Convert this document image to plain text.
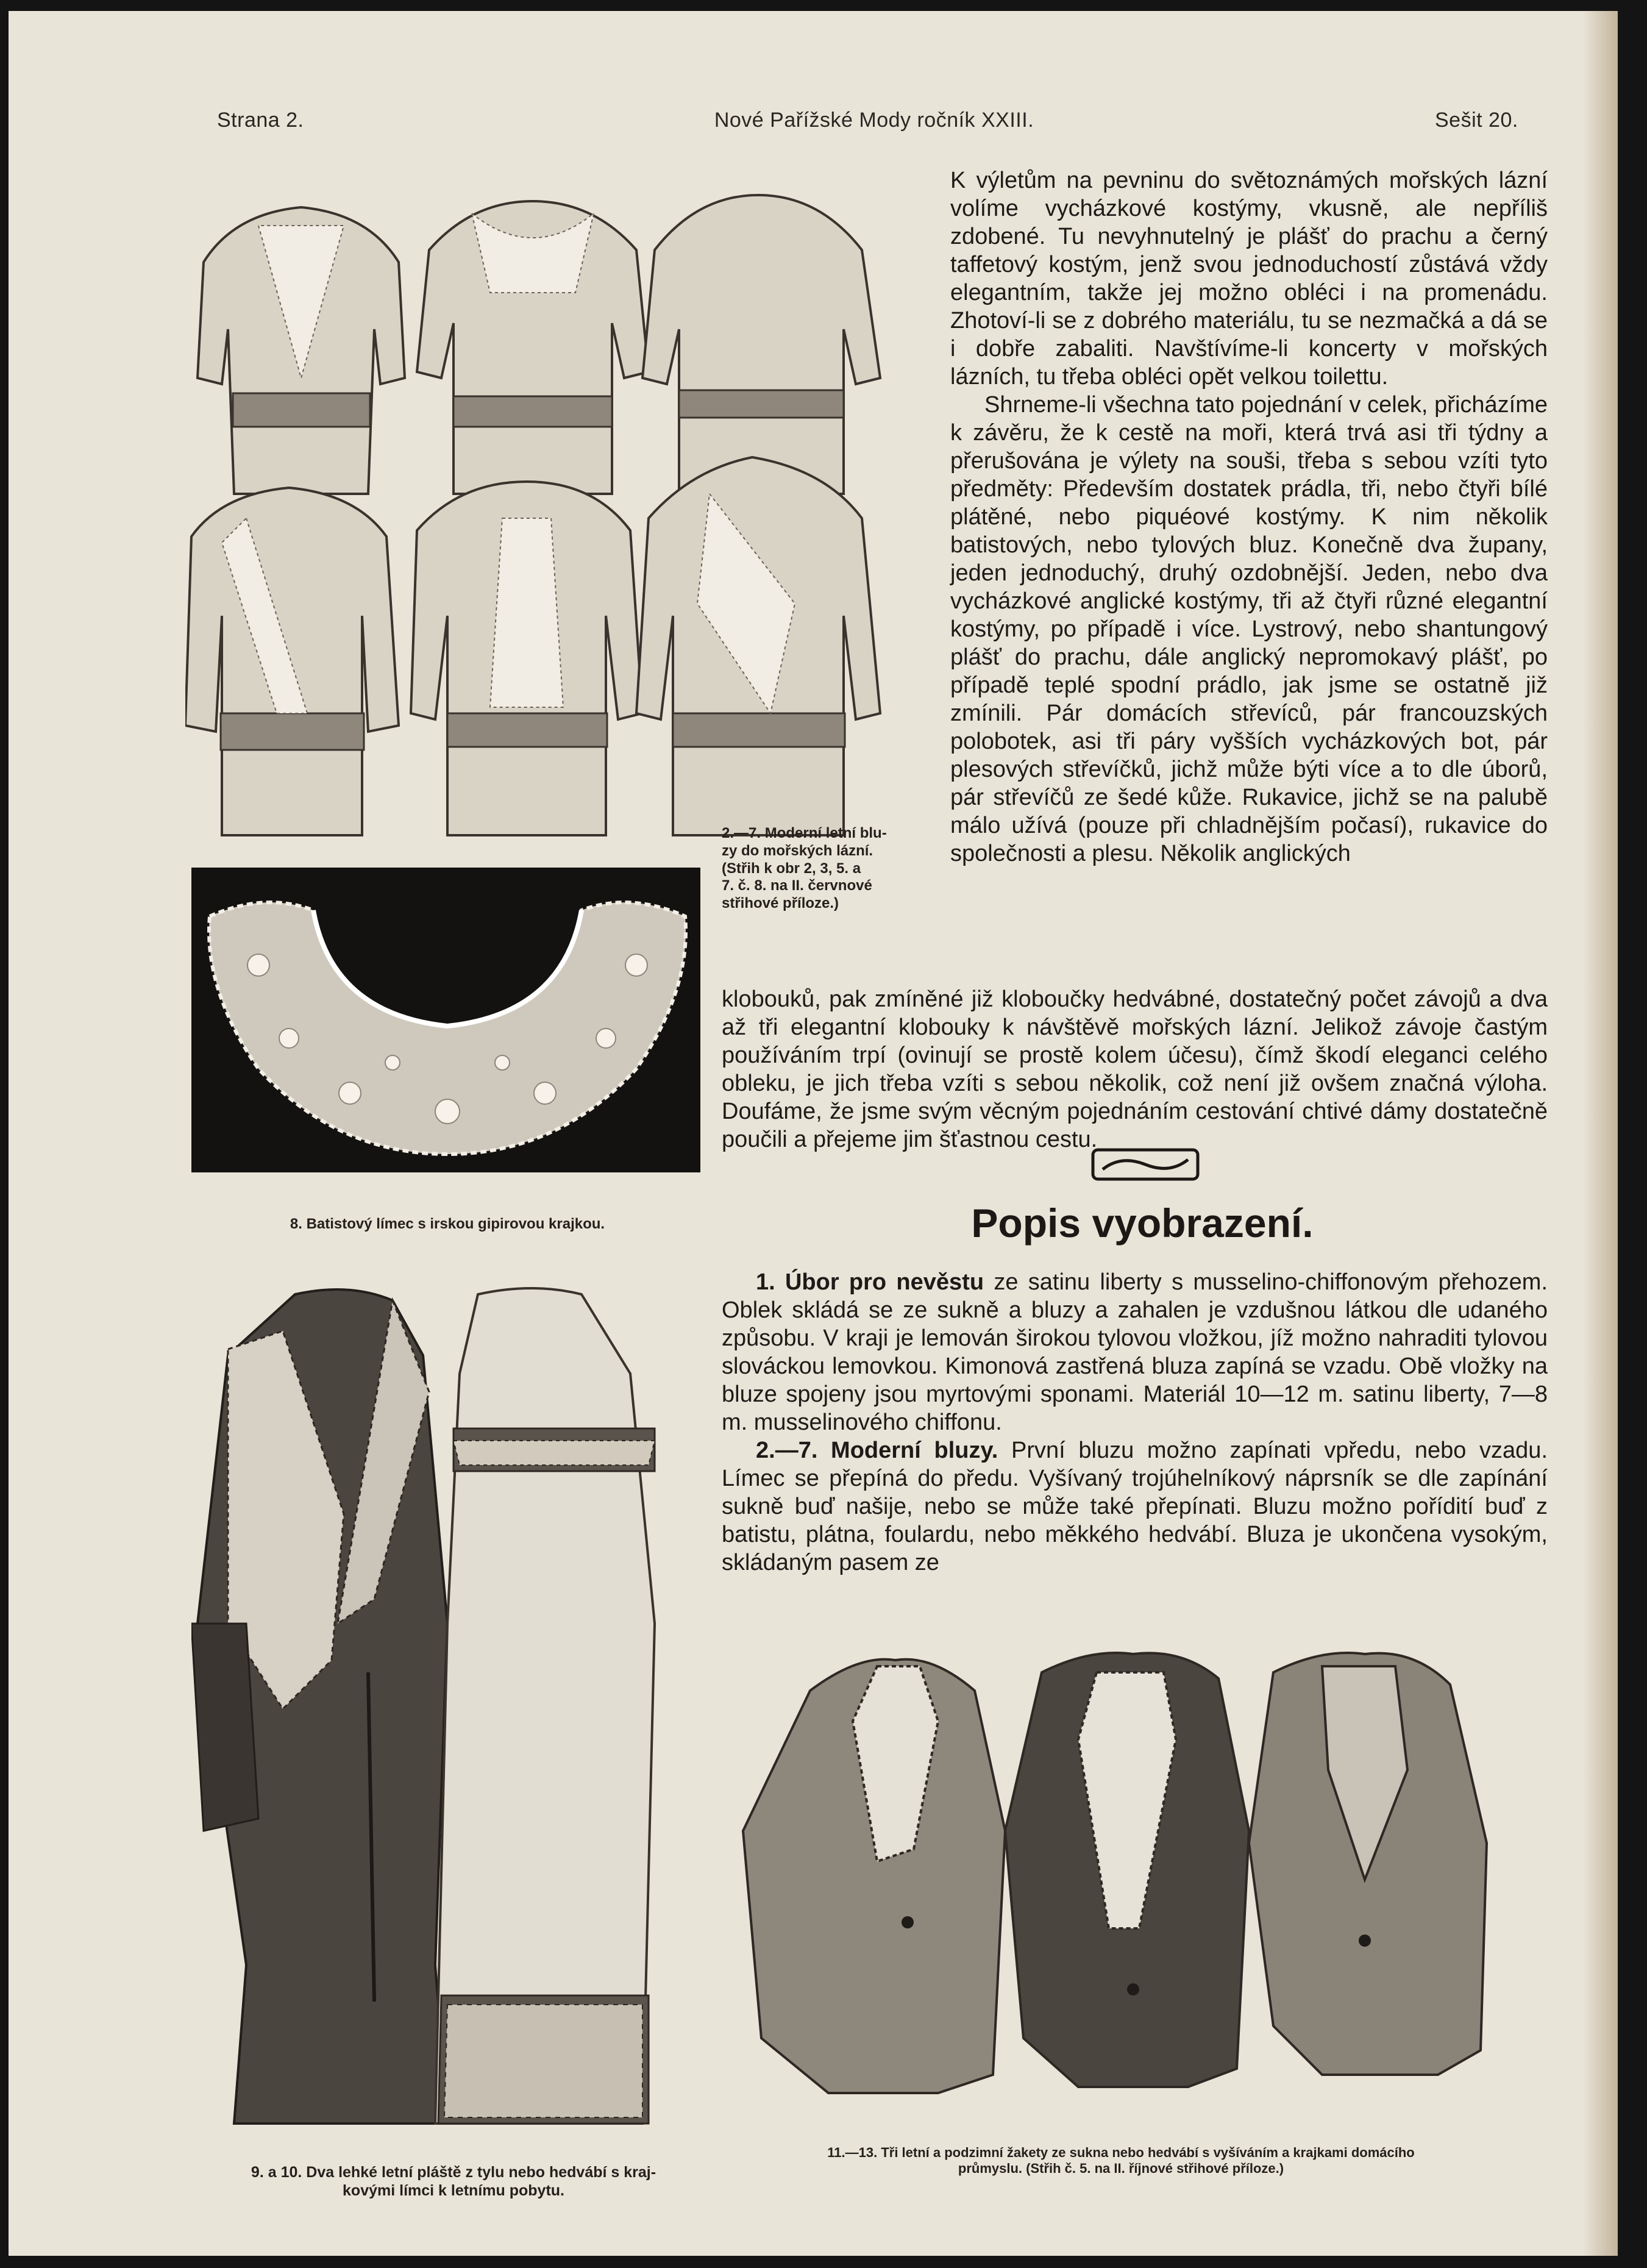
Strana 2.	Nové Pařížské Mody ročník XXIII.	Sešit 20.
2.—7. Moderní letní blu-
zy do mořských lázní.
(Střih k obr 2, 3, 5. a
7. č. 8. na II. červnové
střihové příloze.)
8. Batistový límec s irskou gipirovou krajkou.
9. a 10. Dva lehké letní pláště z tylu nebo hedvábí s kraj-
kovými límci k letnímu pobytu.
11.—13. Tři letní a podzimní žakety ze sukna nebo hedvábí s vyšíváním a krajkami domácího
průmyslu. (Střih č. 5. na II. říjnové střihové příloze.)

K výletům na pevninu do světoznámých mořských lázní volíme vycházkové kostýmy, vkusně, ale nepříliš zdobené. Tu nevyhnutelný je plášť do prachu a černý taffetový kostým, jenž svou jednoduchostí zůstává vždy elegantním, takže jej možno obléci i na promenádu. Zhotoví-li se z dobrého materiálu, tu se nezmačká a dá se i dobře zabaliti. Navštívíme-li koncerty v mořských lázních, tu třeba obléci opět velkou toilettu.

Shrneme-li všechna tato pojednání v celek, přicházíme k závěru, že k cestě na moři, která trvá asi tři týdny a přerušována je výlety na souši, třeba s sebou vzíti tyto předměty: Především dostatek prádla, tři, nebo čtyři bílé plátěné, nebo piquéové kostýmy. K nim několik batistových, nebo tylových bluz. Konečně dva župany, jeden jednoduchý, druhý ozdobnější. Jeden, nebo dva vycházkové anglické kostýmy, tři až čtyři různé elegantní kostýmy, po případě i více. Lystrový, nebo shantungový plášť do prachu, dále anglický nepromokavý plášť, po případě teplé spodní prádlo, jak jsme se ostatně již zmínili. Pár domácích střevíců, pár francouzských polobotek, asi tři páry vyšších vycházkových bot, pár plesových střevíčků, jichž může býti více a to dle úborů, pár střevíčů ze šedé kůže. Rukavice, jichž se na palubě málo užívá (pouze při chladnějším počasí), rukavice do společnosti a plesu. Několik anglických

klobouků, pak zmíněné již kloboučky hedvábné, dostatečný počet závojů a dva až tři elegantní klobouky k návštěvě mořských lázní. Jelikož závoje častým používáním trpí (ovinují se prostě kolem účesu), čímž škodí eleganci celého obleku, je jich třeba vzíti s sebou několik, což není již ovšem značná výloha. Doufáme, že jsme svým věcným pojednáním cestování chtivé dámy dostatečně poučili a přejeme jim šťastnou cestu.

Popis vyobrazení.

1. Úbor pro nevěstu ze satinu liberty s musselino-chiffonovým přehozem. Oblek skládá se ze sukně a bluzy a zahalen je vzdušnou látkou dle udaného způsobu. V kraji je lemován širokou tylovou vložkou, jíž možno nahraditi tylovou slováckou lemovkou. Kimonová zastřená bluza zapíná se vzadu. Obě vložky na bluze spojeny jsou myrtovými sponami. Materiál 10—12 m. satinu liberty, 7—8 m. musselinového chiffonu.

2.—7. Moderní bluzy. První bluzu možno zapínati vpředu, nebo vzadu. Límec se přepíná do předu. Vyšívaný trojúhelníkový náprsník se dle zapínání sukně buď našije, nebo se může také přepínati. Bluzu možno pořídití buď z batistu, plátna, foulardu, nebo měkkého hedvábí. Bluza je ukončena vysokým, skládaným pasem ze
